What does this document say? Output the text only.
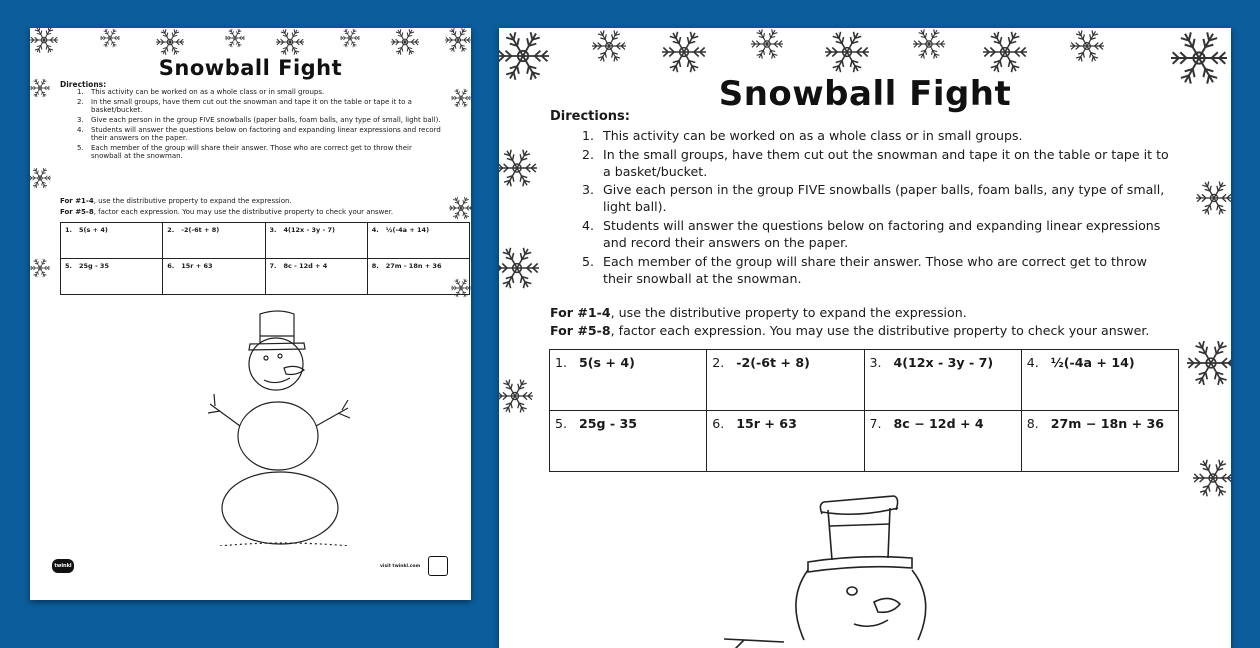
Snowball Fight
Directions:
1. This activity can be worked on as a whole class or in small groups.
2. In the small groups, have them cut out the snowman and tape it on the table or tape it to a basket/bucket.
3. Give each person in the group FIVE snowballs (paper balls, foam balls, any type of small, light ball).
4. Students will answer the questions below on factoring and expanding linear expressions and record their answers on the paper.
5. Each member of the group will share their answer. Those who are correct get to throw their snowball at the snowman.
For #1-4, use the distributive property to expand the expression.
For #5-8, factor each expression. You may use the distributive property to check your answer.
1. 5(s + 4)	2. -2(-6t + 8)	3. 4(12x - 3y - 7)	4. ½(-4a + 14)
5. 25g - 35	6. 15r + 63	7. 8c - 12d + 4	8. 27m - 18n + 36
twinkl	visit twinkl.com
Snowball Fight
Directions:
1. This activity can be worked on as a whole class or in small groups.
2. In the small groups, have them cut out the snowman and tape it on the table or tape it to a basket/bucket.
3. Give each person in the group FIVE snowballs (paper balls, foam balls, any type of small, light ball).
4. Students will answer the questions below on factoring and expanding linear expressions and record their answers on the paper.
5. Each member of the group will share their answer. Those who are correct get to throw their snowball at the snowman.
For #1-4, use the distributive property to expand the expression.
For #5-8, factor each expression. You may use the distributive property to check your answer.
1. 5(s + 4)	2. -2(-6t + 8)	3. 4(12x - 3y - 7)	4. ½(-4a + 14)
5. 25g - 35	6. 15r + 63	7. 8c − 12d + 4	8. 27m − 18n + 36
